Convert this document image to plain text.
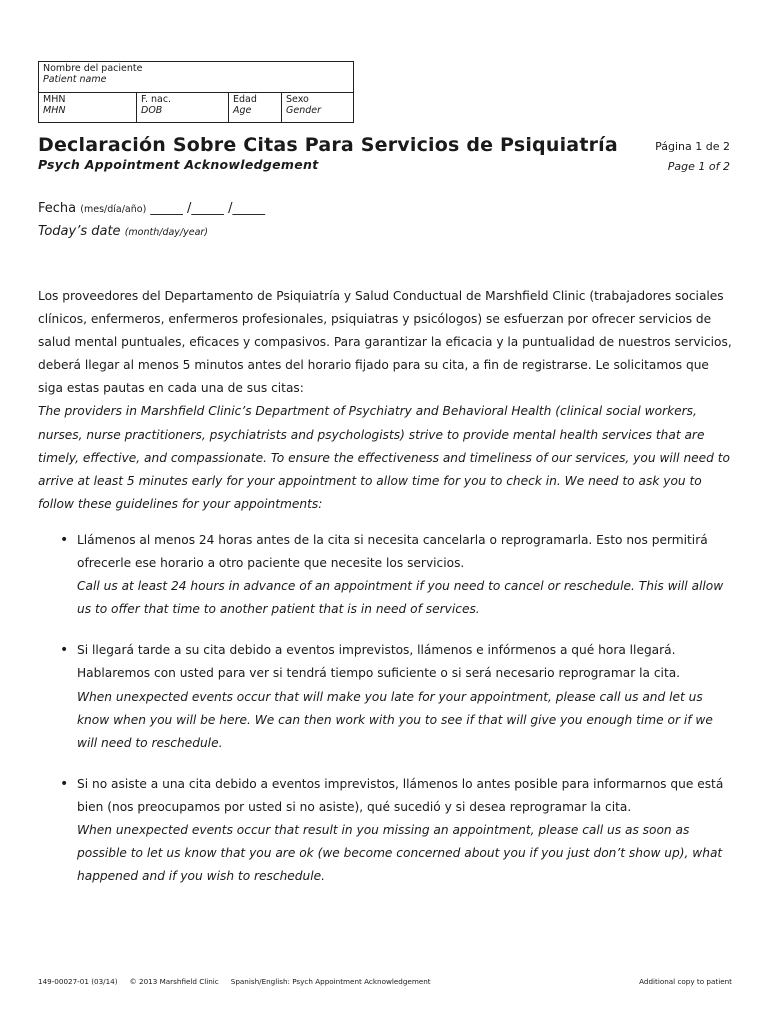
Nombre del paciente
Patient name
MHN
MHN
F. nac.
DOB
Edad
Age
Sexo
Gender
Declaración Sobre Citas Para Servicios de Psiquiatría
Psych Appointment Acknowledgement
Página 1 de 2
Page 1 of 2
Fecha (mes/día/año) _____ /_____ /_____
Today’s date (month/day/year)

Los proveedores del Departamento de Psiquiatría y Salud Conductual de Marshfield Clinic (trabajadores sociales clínicos, enfermeros, enfermeros profesionales, psiquiatras y psicólogos) se esfuerzan por ofrecer servicios de salud mental puntuales, eficaces y compasivos. Para garantizar la eficacia y la puntualidad de nuestros servicios, deberá llegar al menos 5 minutos antes del horario fijado para su cita, a fin de registrarse. Le solicitamos que siga estas pautas en cada una de sus citas:

The providers in Marshfield Clinic’s Department of Psychiatry and Behavioral Health (clinical social workers, nurses, nurse practitioners, psychiatrists and psychologists) strive to provide mental health services that are timely, effective, and compassionate. To ensure the effectiveness and timeliness of our services, you will need to arrive at least 5 minutes early for your appointment to allow time for you to check in. We need to ask you to follow these guidelines for your appointments:

• Llámenos al menos 24 horas antes de la cita si necesita cancelarla o reprogramarla. Esto nos permitirá ofrecerle ese horario a otro paciente que necesite los servicios.

Call us at least 24 hours in advance of an appointment if you need to cancel or reschedule. This will allow us to offer that time to another patient that is in need of services.

• Si llegará tarde a su cita debido a eventos imprevistos, llámenos e infórmenos a qué hora llegará. Hablaremos con usted para ver si tendrá tiempo suficiente o si será necesario reprogramar la cita.

When unexpected events occur that will make you late for your appointment, please call us and let us know when you will be here. We can then work with you to see if that will give you enough time or if we will need to reschedule.

• Si no asiste a una cita debido a eventos imprevistos, llámenos lo antes posible para informarnos que está bien (nos preocupamos por usted si no asiste), qué sucedió y si desea reprogramar la cita.

When unexpected events occur that result in you missing an appointment, please call us as soon as possible to let us know that you are ok (we become concerned about you if you just don’t show up), what happened and if you wish to reschedule.

149-00027-01 (03/14) © 2013 Marshfield Clinic Spanish/English: Psych Appointment Acknowledgement	Additional copy to patient
